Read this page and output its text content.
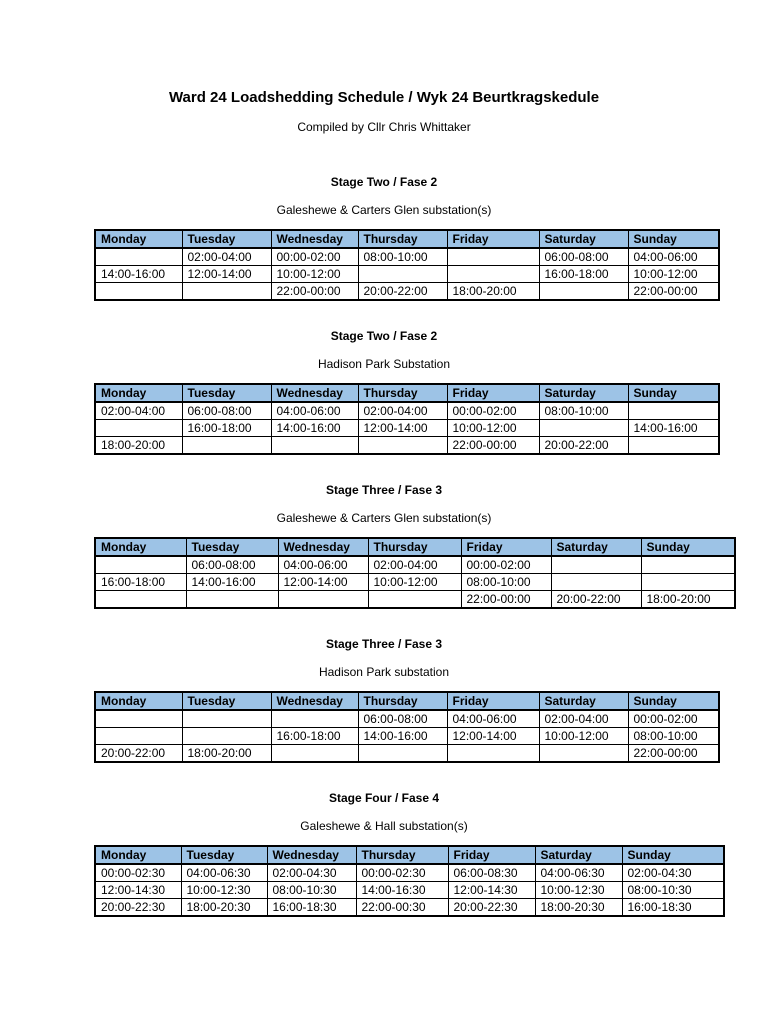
Ward 24 Loadshedding Schedule / Wyk 24 Beurtkragskedule
Compiled by Cllr Chris Whittaker
Stage Two / Fase 2
Galeshewe & Carters Glen substation(s)
Monday	Tuesday	Wednesday	Thursday	Friday	Saturday	Sunday
	02:00-04:00	00:00-02:00	08:00-10:00		06:00-08:00	04:00-06:00
14:00-16:00	12:00-14:00	10:00-12:00			16:00-18:00	10:00-12:00
		22:00-00:00	20:00-22:00	18:00-20:00		22:00-00:00
Stage Two / Fase 2
Hadison Park Substation
Monday	Tuesday	Wednesday	Thursday	Friday	Saturday	Sunday
02:00-04:00	06:00-08:00	04:00-06:00	02:00-04:00	00:00-02:00	08:00-10:00	
	16:00-18:00	14:00-16:00	12:00-14:00	10:00-12:00		14:00-16:00
18:00-20:00				22:00-00:00	20:00-22:00	
Stage Three / Fase 3
Galeshewe & Carters Glen substation(s)
Monday	Tuesday	Wednesday	Thursday	Friday	Saturday	Sunday
	06:00-08:00	04:00-06:00	02:00-04:00	00:00-02:00		
16:00-18:00	14:00-16:00	12:00-14:00	10:00-12:00	08:00-10:00		
				22:00-00:00	20:00-22:00	18:00-20:00
Stage Three / Fase 3
Hadison Park substation
Monday	Tuesday	Wednesday	Thursday	Friday	Saturday	Sunday
			06:00-08:00	04:00-06:00	02:00-04:00	00:00-02:00
		16:00-18:00	14:00-16:00	12:00-14:00	10:00-12:00	08:00-10:00
20:00-22:00	18:00-20:00					22:00-00:00
Stage Four / Fase 4
Galeshewe & Hall substation(s)
Monday	Tuesday	Wednesday	Thursday	Friday	Saturday	Sunday
00:00-02:30	04:00-06:30	02:00-04:30	00:00-02:30	06:00-08:30	04:00-06:30	02:00-04:30
12:00-14:30	10:00-12:30	08:00-10:30	14:00-16:30	12:00-14:30	10:00-12:30	08:00-10:30
20:00-22:30	18:00-20:30	16:00-18:30	22:00-00:30	20:00-22:30	18:00-20:30	16:00-18:30
